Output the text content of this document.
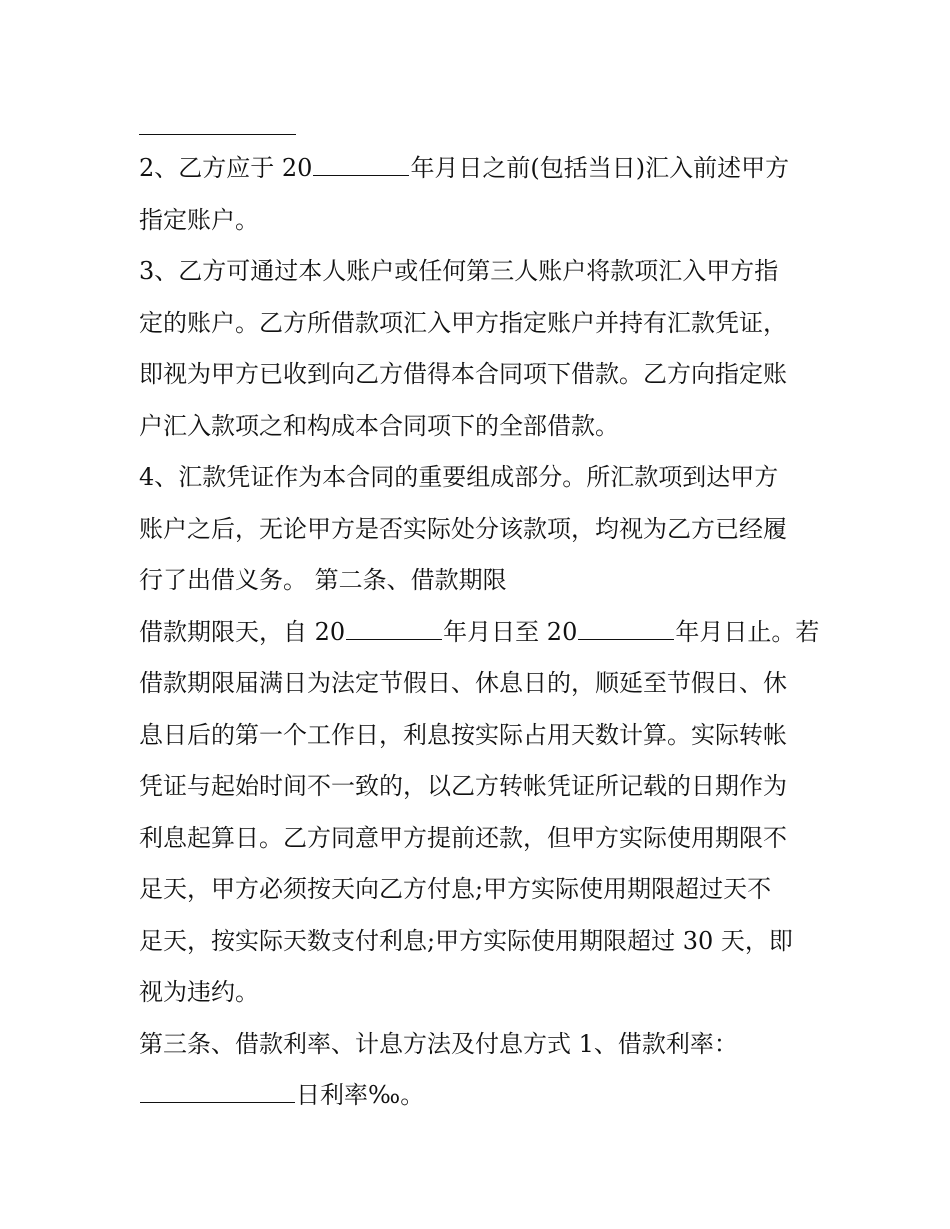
2、乙方应于 20	年月日之前(包括当日)汇入前述甲方
指定账户。
3、乙方可通过本人账户或任何第三人账户将款项汇入甲方指
定的账户。乙方所借款项汇入甲方指定账户并持有汇款凭证，
即视为甲方已收到向乙方借得本合同项下借款。乙方向指定账
户汇入款项之和构成本合同项下的全部借款。
4、汇款凭证作为本合同的重要组成部分。所汇款项到达甲方
账户之后，无论甲方是否实际处分该款项，均视为乙方已经履
行了出借义务。 第二条、借款期限
借款期限天，自 20	年月日至 20	年月日止。若
借款期限届满日为法定节假日、休息日的，顺延至节假日、休
息日后的第一个工作日，利息按实际占用天数计算。实际转帐
凭证与起始时间不一致的，以乙方转帐凭证所记载的日期作为
利息起算日。乙方同意甲方提前还款，但甲方实际使用期限不
足天，甲方必须按天向乙方付息;甲方实际使用期限超过天不
足天，按实际天数支付利息;甲方实际使用期限超过 30 天，即
视为违约。
第三条、借款利率、计息方法及付息方式 1、借款利率：
日利率‰。
